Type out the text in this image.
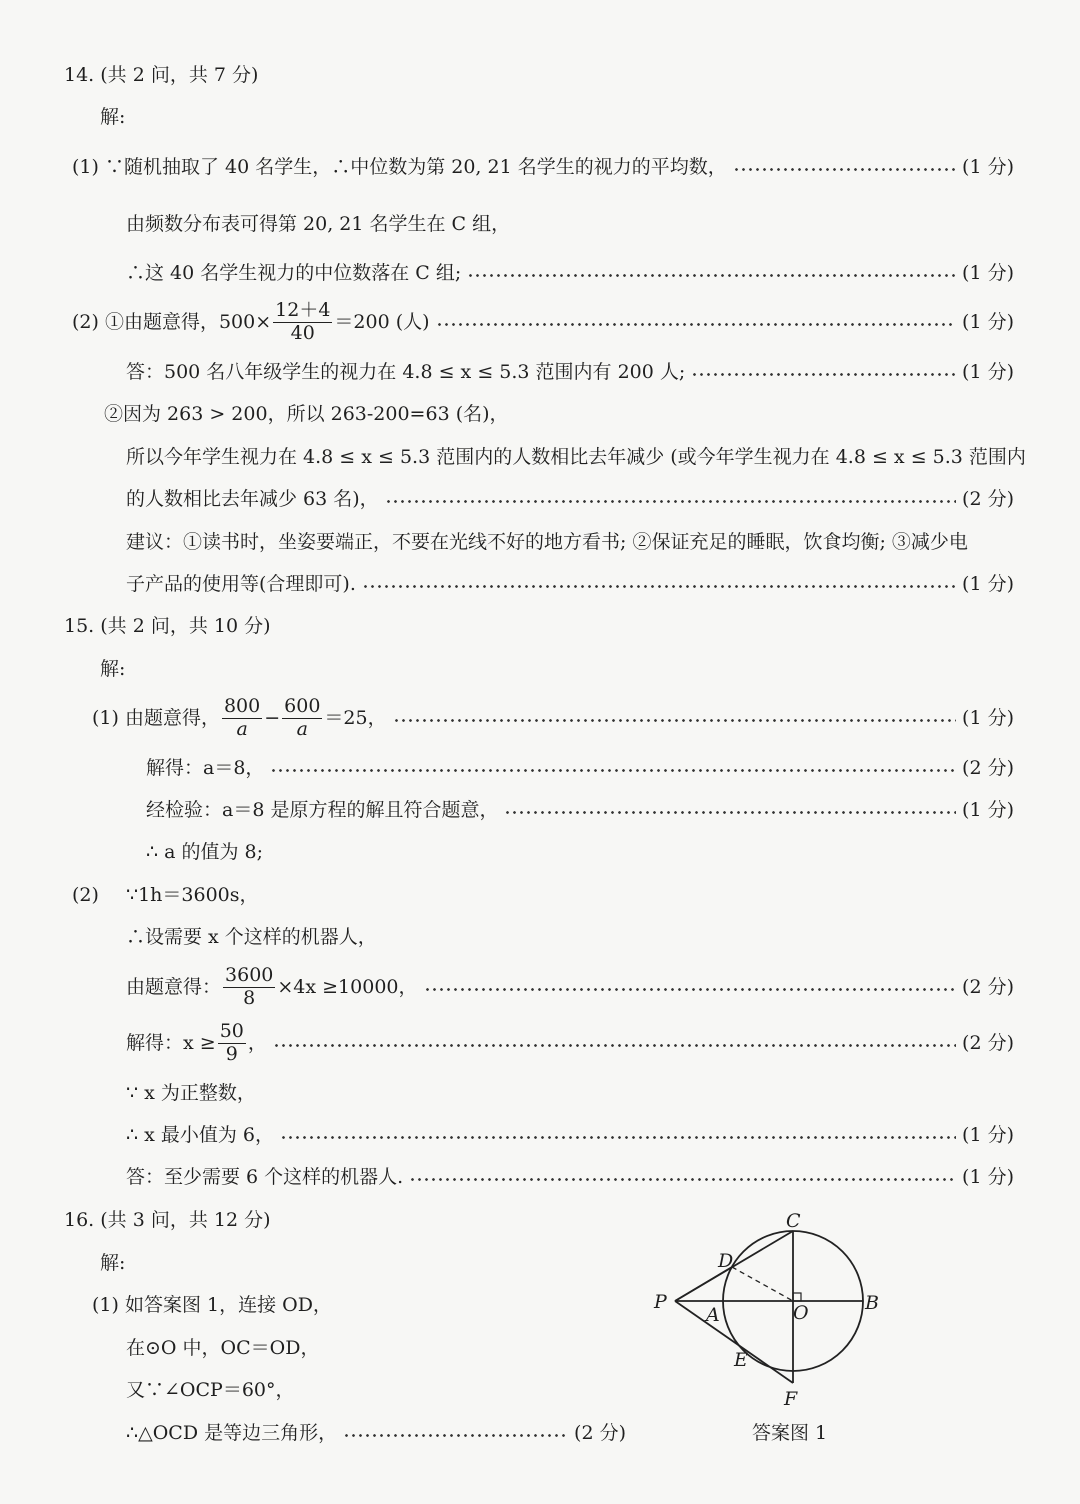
14. (共 2 问，共 7 分)
解:
(1) ∵随机抽取了 40 名学生，∴中位数为第 20, 21 名学生的视力的平均数，	(1 分)
由频数分布表可得第 20, 21 名学生在 C 组，
∴这 40 名学生视力的中位数落在 C 组;	(1 分)
(2) ①由题意得，$500\times \frac{12+4}{40} =200$ (人)	(1 分)
答：500 名八年级学生的视力在 4.8 ≤ x ≤ 5.3 范围内有 200 人;	(1 分)
②因为 263 > 200，所以 263-200=63 (名)，
所以今年学生视力在 4.8 ≤ x ≤ 5.3 范围内的人数相比去年减少 (或今年学生视力在 4.8 ≤ x ≤ 5.3 范围内
的人数相比去年减少 63 名)，	(2 分)
建议：①读书时，坐姿要端正，不要在光线不好的地方看书; ②保证充足的睡眠，饮食均衡; ③减少电
子产品的使用等(合理即可).	(1 分)
15. (共 2 问，共 10 分)
解:
(1) 由题意得， $\frac{800}{a} - \frac{600}{a} =25$，	(1 分)
解得：a＝8，	(2 分)
经检验：a＝8 是原方程的解且符合题意，	(1 分)
∴ a 的值为 8;
(2) ∵1h＝3600s，
∴设需要 x 个这样的机器人，
由题意得： $\frac{3600}{8} \times 4x \ge 10000$，	(2 分)
解得：$x \ge \frac{50}{9}$ ，	(2 分)
∵ x 为正整数，
∴ x 最小值为 6，	(1 分)
答：至少需要 6 个这样的机器人.	(1 分)
16. (共 3 问，共 12 分)
解:
(1) 如答案图 1，连接 OD，
在⊙O 中，OC＝OD，
又∵∠OCP＝60°，
∴△OCD 是等边三角形，	(2 分)
C
D
P
A	O	B
E
F
答案图 1
